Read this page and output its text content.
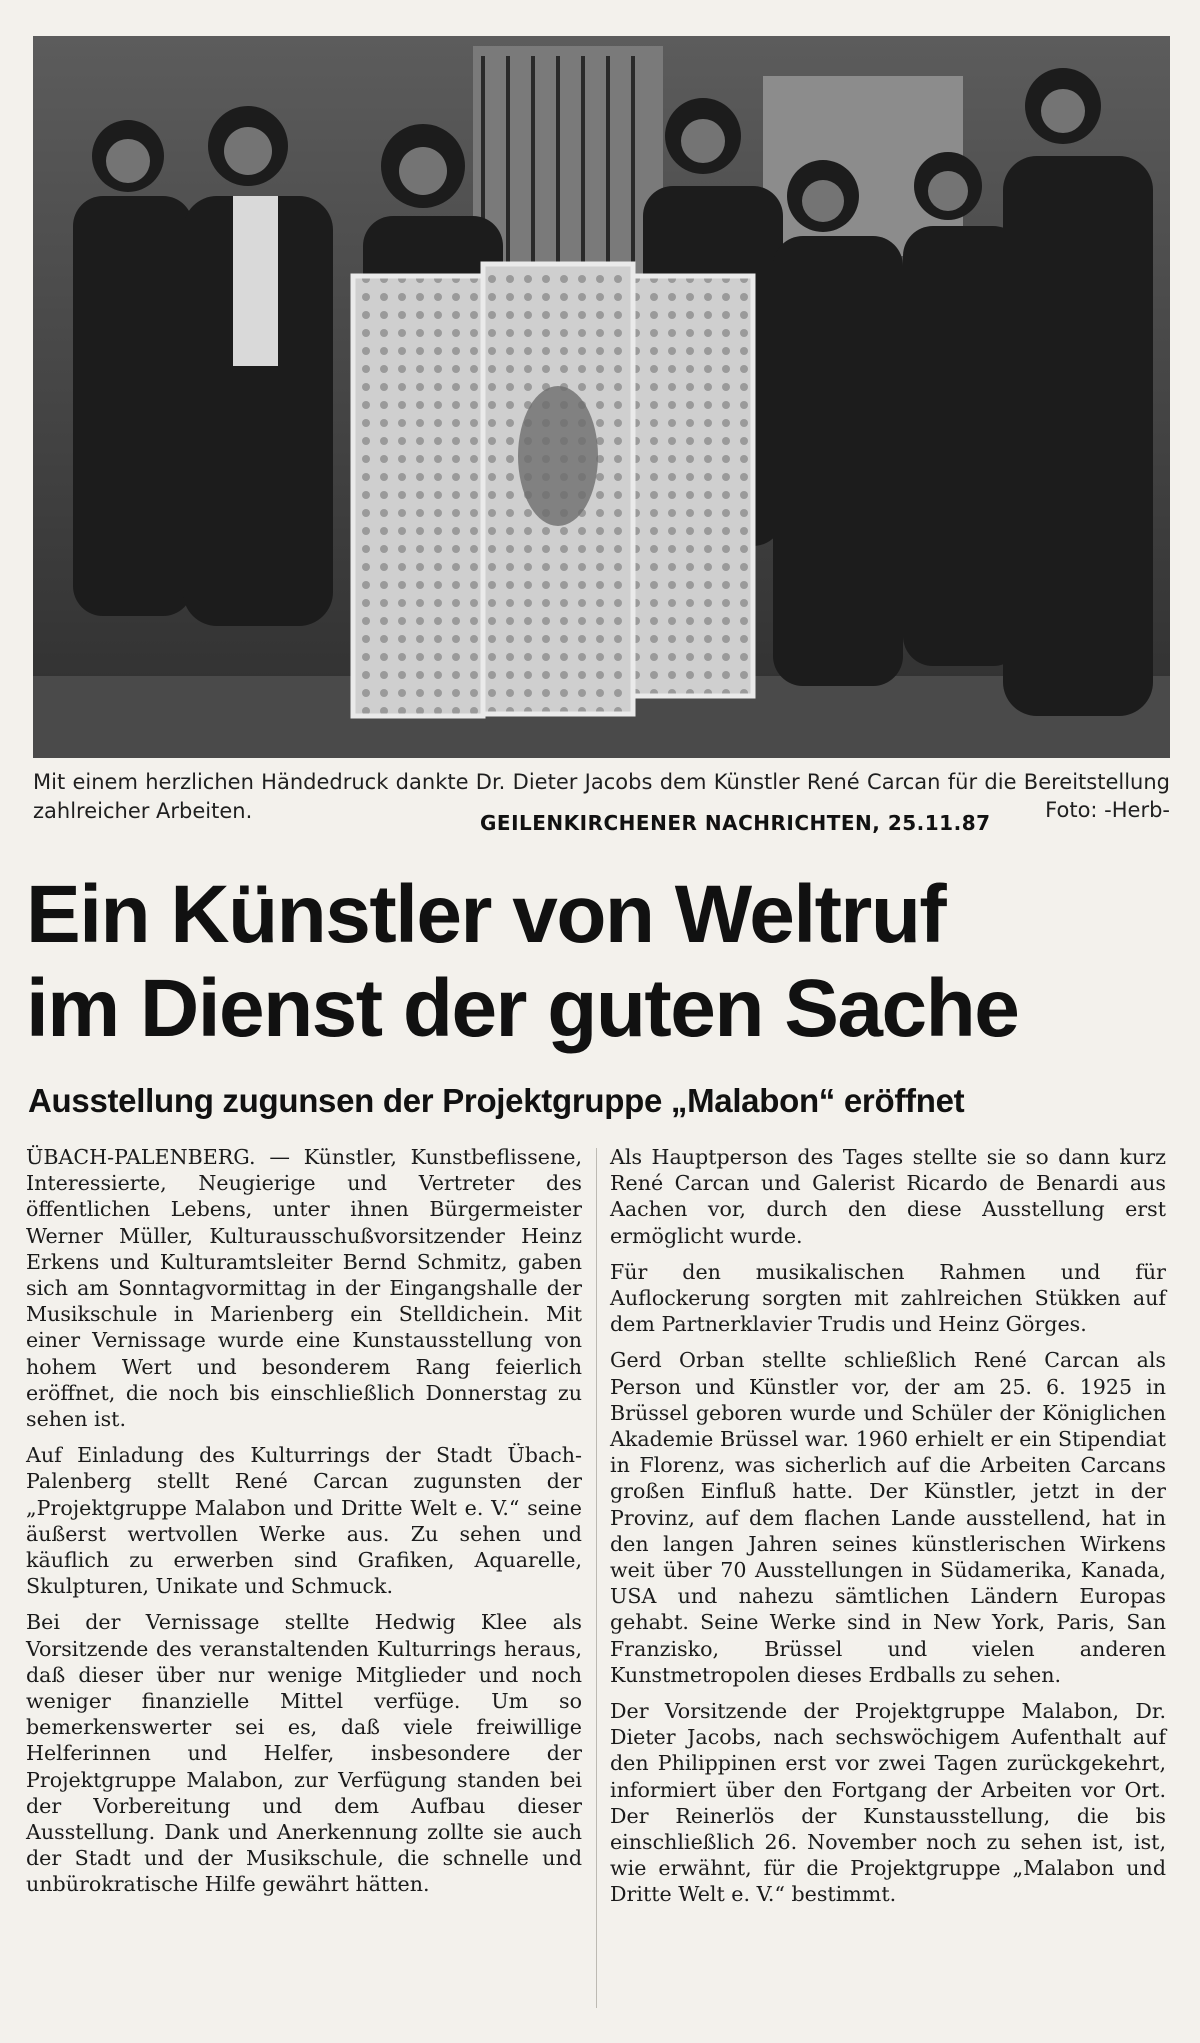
Mit einem herzlichen Händedruck dankte Dr. Dieter Jacobs dem Künstler René Carcan für die Bereitstellung zahlreicher Arbeiten.	Foto: -Herb-
GEILENKIRCHENER NACHRICHTEN, 25.11.87
Ein Künstler von Weltruf
im Dienst der guten Sache
Ausstellung zugunsen der Projektgruppe „Malabon“ eröffnet

ÜBACH-PALENBERG. — Künstler, Kunstbeflissene, Interessierte, Neugierige und Vertreter des öffentlichen Lebens, unter ihnen Bürgermeister Werner Müller, Kulturausschußvorsitzender Heinz Erkens und Kulturamtsleiter Bernd Schmitz, gaben sich am Sonntagvormittag in der Eingangshalle der Musikschule in Marienberg ein Stelldichein. Mit einer Vernissage wurde eine Kunstausstellung von hohem Wert und besonderem Rang feierlich eröffnet, die noch bis einschließlich Donnerstag zu sehen ist.

Auf Einladung des Kulturrings der Stadt Übach-Palenberg stellt René Carcan zugunsten der „Projektgruppe Malabon und Dritte Welt e. V.“ seine äußerst wertvollen Werke aus. Zu sehen und käuflich zu erwerben sind Grafiken, Aquarelle, Skulpturen, Unikate und Schmuck.

Bei der Vernissage stellte Hedwig Klee als Vorsitzende des veranstaltenden Kulturrings heraus, daß dieser über nur wenige Mitglieder und noch weniger finanzielle Mittel verfüge. Um so bemerkenswerter sei es, daß viele freiwillige Helferinnen und Helfer, insbesondere der Projektgruppe Malabon, zur Verfügung standen bei der Vorbereitung und dem Aufbau dieser Ausstellung. Dank und Anerkennung zollte sie auch der Stadt und der Musikschule, die schnelle und unbürokratische Hilfe gewährt hätten.

Als Hauptperson des Tages stellte sie so dann kurz René Carcan und Galerist Ricardo de Benardi aus Aachen vor, durch den diese Ausstellung erst ermöglicht wurde.

Für den musikalischen Rahmen und für Auflockerung sorgten mit zahlreichen Stükken auf dem Partnerklavier Trudis und Heinz Görges.

Gerd Orban stellte schließlich René Carcan als Person und Künstler vor, der am 25. 6. 1925 in Brüssel geboren wurde und Schüler der Königlichen Akademie Brüssel war. 1960 erhielt er ein Stipendiat in Florenz, was sicherlich auf die Arbeiten Carcans großen Einfluß hatte. Der Künstler, jetzt in der Provinz, auf dem flachen Lande ausstellend, hat in den langen Jahren seines künstlerischen Wirkens weit über 70 Ausstellungen in Südamerika, Kanada, USA und nahezu sämtlichen Ländern Europas gehabt. Seine Werke sind in New York, Paris, San Franzisko, Brüssel und vielen anderen Kunstmetropolen dieses Erdballs zu sehen.

Der Vorsitzende der Projektgruppe Malabon, Dr. Dieter Jacobs, nach sechswöchigem Aufenthalt auf den Philippinen erst vor zwei Tagen zurückgekehrt, informiert über den Fortgang der Arbeiten vor Ort. Der Reinerlös der Kunstausstellung, die bis einschließlich 26. November noch zu sehen ist, ist, wie erwähnt, für die Projektgruppe „Malabon und Dritte Welt e. V.“ bestimmt.
